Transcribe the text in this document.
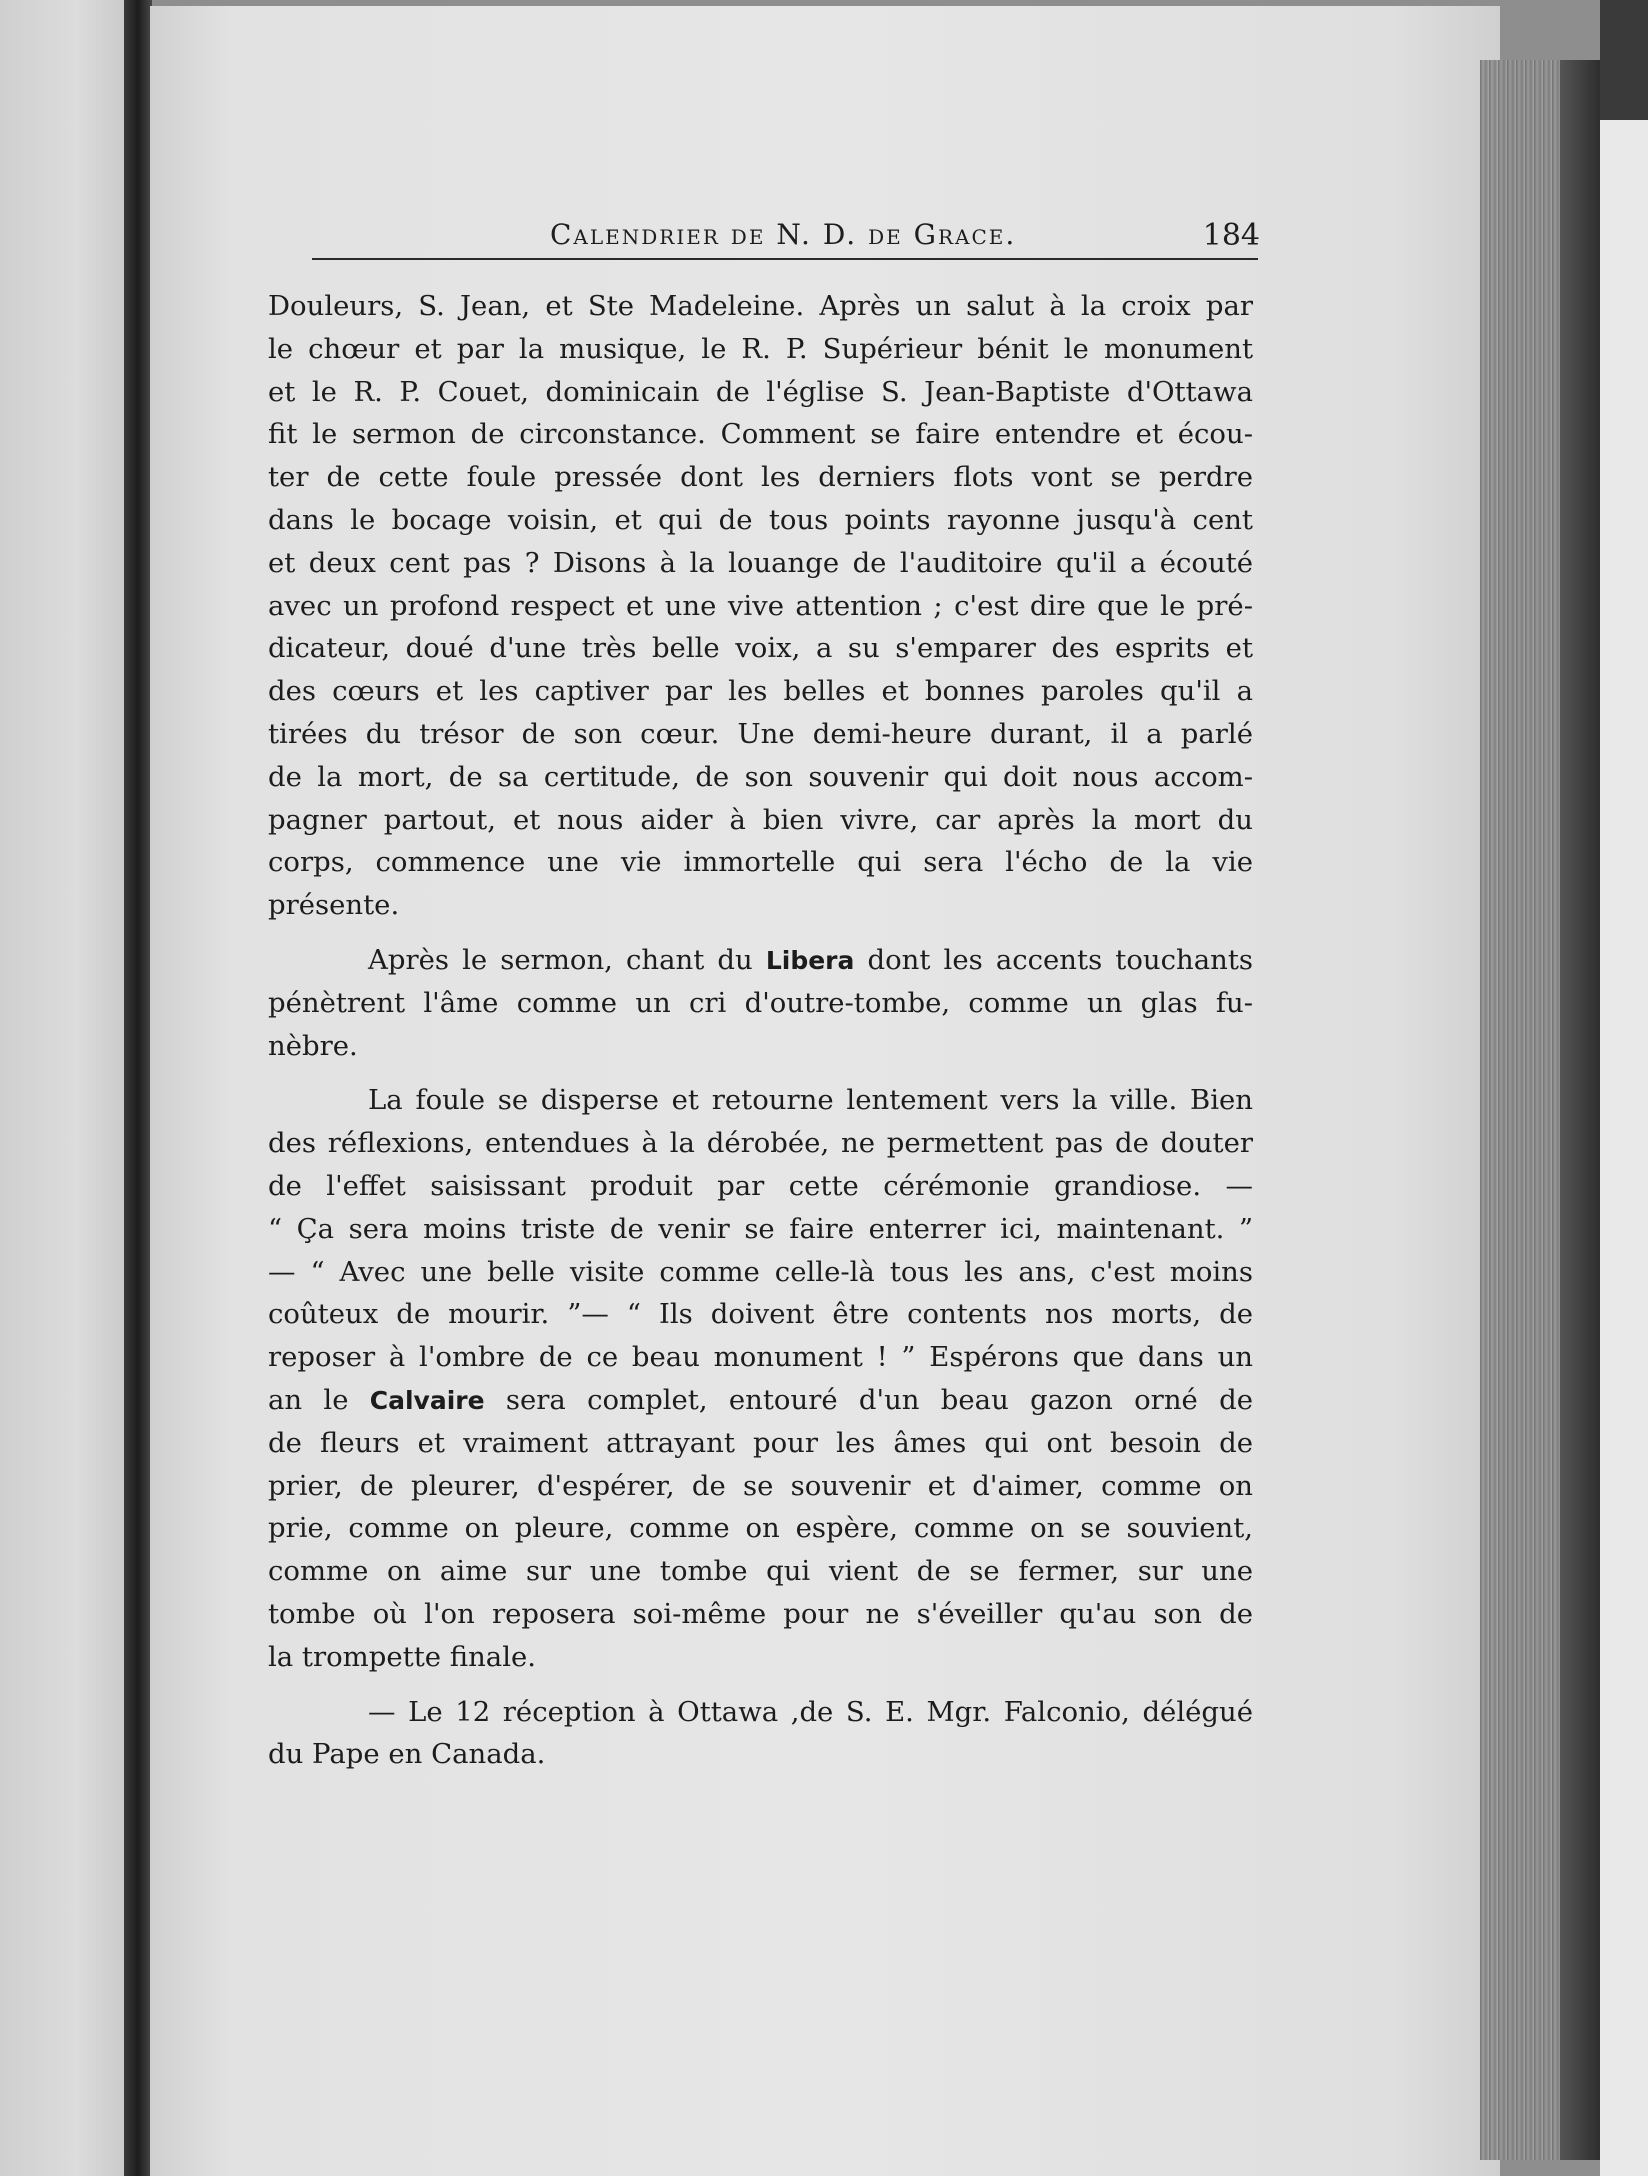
Calendrier de N. D. de Grace.	184
Douleurs, S. Jean, et Ste Madeleine. Après un salut à la croix par
le chœur et par la musique, le R. P. Supérieur bénit le monument
et le R. P. Couet, dominicain de l'église S. Jean-Baptiste d'Ottawa
fit le sermon de circonstance. Comment se faire entendre et écou-
ter de cette foule pressée dont les derniers flots vont se perdre
dans le bocage voisin, et qui de tous points rayonne jusqu'à cent
et deux cent pas ? Disons à la louange de l'auditoire qu'il a écouté
avec un profond respect et une vive attention ; c'est dire que le pré-
dicateur, doué d'une très belle voix, a su s'emparer des esprits et
des cœurs et les captiver par les belles et bonnes paroles qu'il a
tirées du trésor de son cœur. Une demi-heure durant, il a parlé
de la mort, de sa certitude, de son souvenir qui doit nous accom-
pagner partout, et nous aider à bien vivre, car après la mort du
corps, commence une vie immortelle qui sera l'écho de la vie
présente.
Après le sermon, chant du Libera dont les accents touchants
pénètrent l'âme comme un cri d'outre-tombe, comme un glas fu-
nèbre.
La foule se disperse et retourne lentement vers la ville. Bien
des réflexions, entendues à la dérobée, ne permettent pas de douter
de l'effet saisissant produit par cette cérémonie grandiose. —
“ Ça sera moins triste de venir se faire enterrer ici, maintenant. ”
— “ Avec une belle visite comme celle-là tous les ans, c'est moins
coûteux de mourir. ”— “ Ils doivent être contents nos morts, de
reposer à l'ombre de ce beau monument ! ” Espérons que dans un
an le Calvaire sera complet, entouré d'un beau gazon orné de
de fleurs et vraiment attrayant pour les âmes qui ont besoin de
prier, de pleurer, d'espérer, de se souvenir et d'aimer, comme on
prie, comme on pleure, comme on espère, comme on se souvient,
comme on aime sur une tombe qui vient de se fermer, sur une
tombe où l'on reposera soi-même pour ne s'éveiller qu'au son de
la trompette finale.
— Le 12 réception à Ottawa ,de S. E. Mgr. Falconio, délégué
du Pape en Canada.
